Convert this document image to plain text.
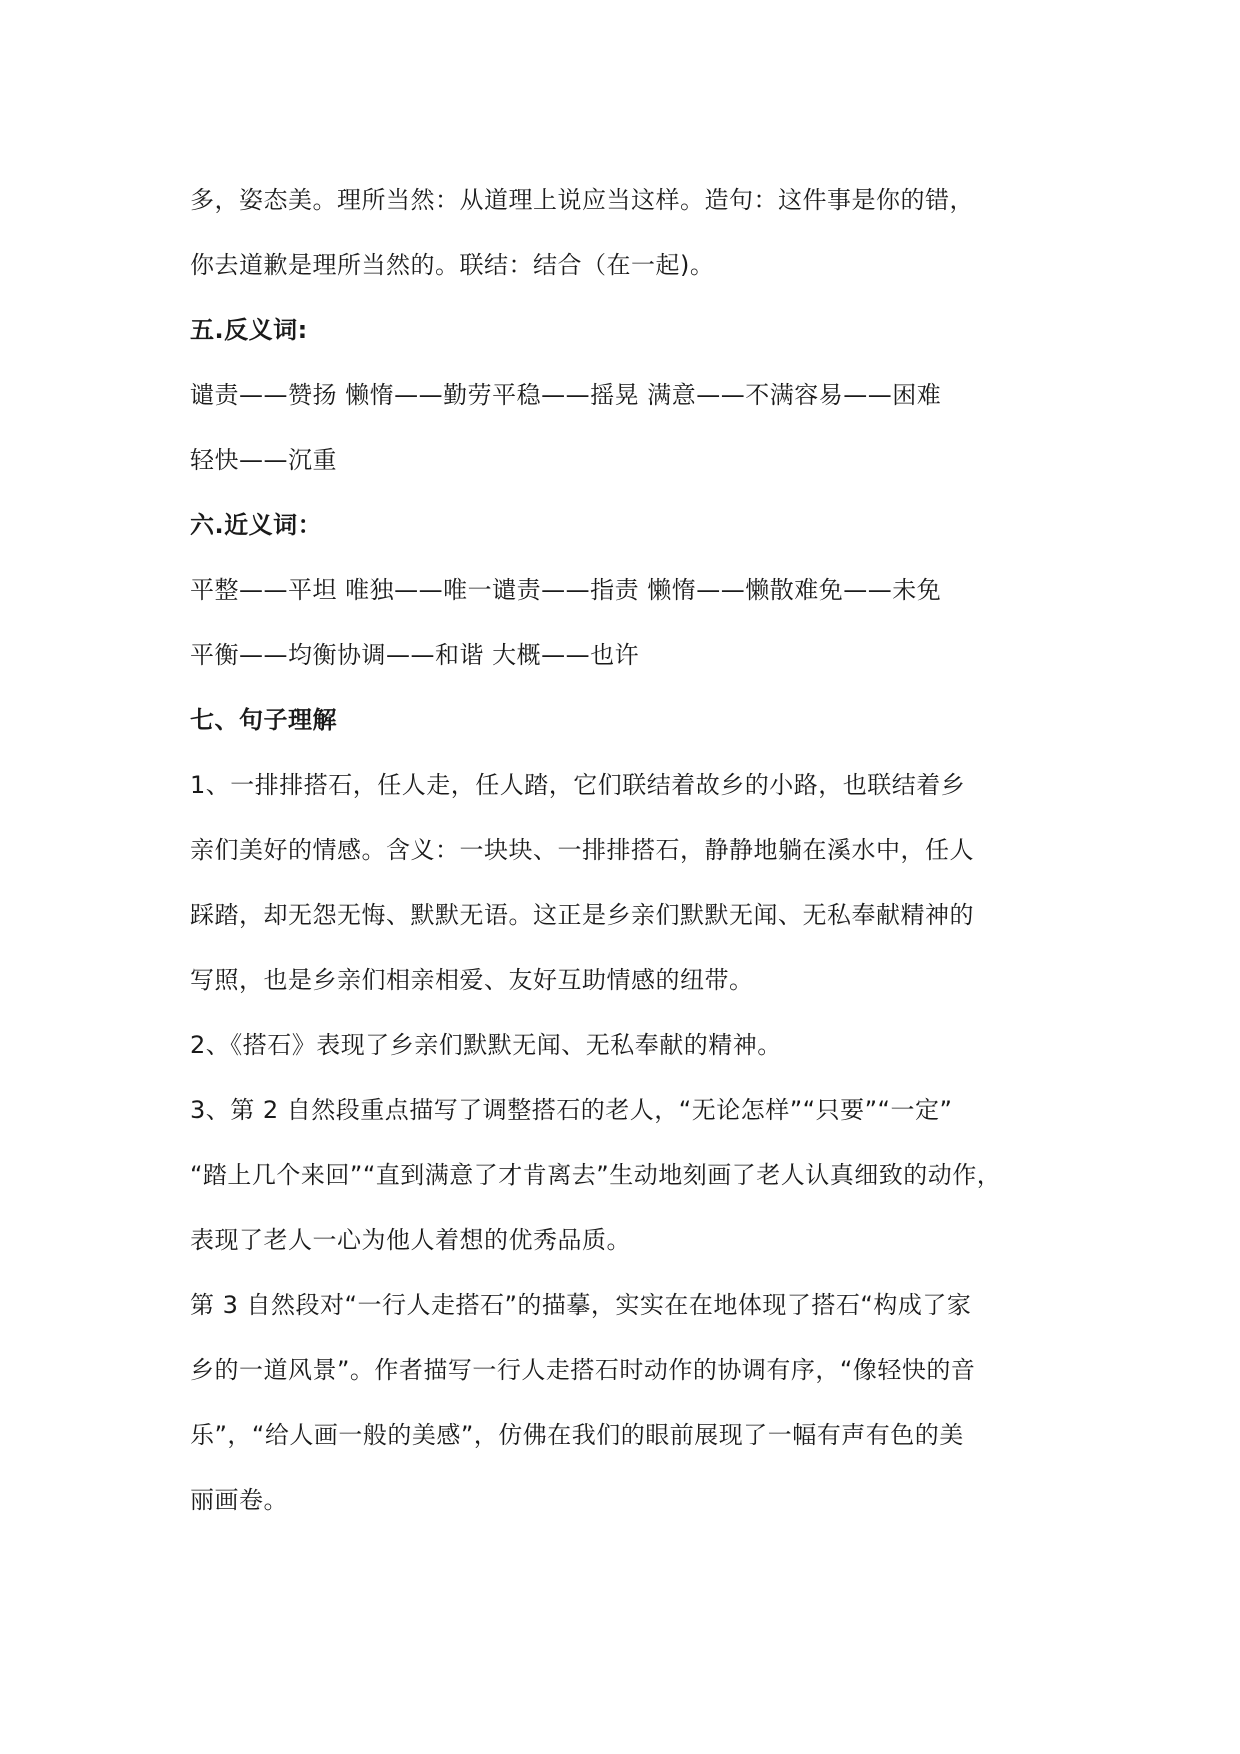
多，姿态美。理所当然：从道理上说应当这样。造句：这件事是你的错，
你去道歉是理所当然的。联结：结合（在一起)。
五.反义词:
谴责——赞扬 懒惰——勤劳平稳——摇晃 满意——不满容易——困难
轻快——沉重
六.近义词：
平整——平坦 唯独——唯一谴责——指责 懒惰——懒散难免——未免
平衡——均衡协调——和谐 大概——也许
七、句子理解
1、一排排搭石，任人走，任人踏，它们联结着故乡的小路，也联结着乡
亲们美好的情感。含义：一块块、一排排搭石，静静地躺在溪水中，任人
踩踏，却无怨无悔、默默无语。这正是乡亲们默默无闻、无私奉献精神的
写照，也是乡亲们相亲相爱、友好互助情感的纽带。
2、《搭石》表现了乡亲们默默无闻、无私奉献的精神。
3、第 2 自然段重点描写了调整搭石的老人，“无论怎样”“只要”“一定”
“踏上几个来回”“直到满意了才肯离去”生动地刻画了老人认真细致的动作，
表现了老人一心为他人着想的优秀品质。
第 3 自然段对“一行人走搭石”的描摹，实实在在地体现了搭石“构成了家
乡的一道风景”。作者描写一行人走搭石时动作的协调有序，“像轻快的音
乐”，“给人画一般的美感”，仿佛在我们的眼前展现了一幅有声有色的美
丽画卷。
